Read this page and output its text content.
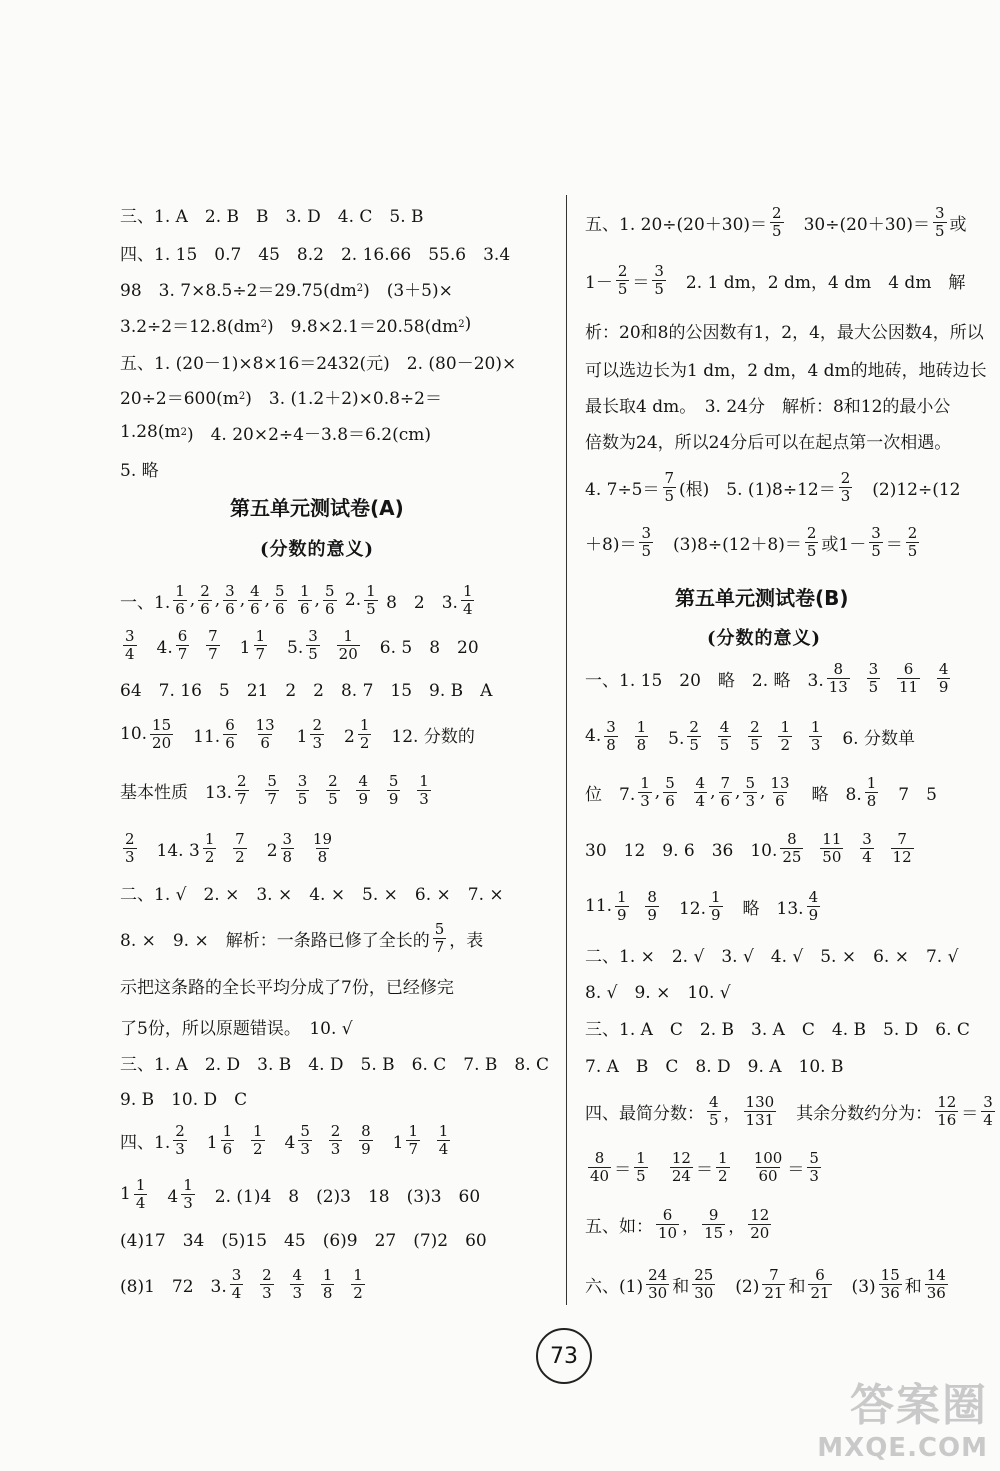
三、1. A　2. B　B　3. D　4. C　5. B
四、1. 15　0.7　45　8.2　2. 16.66　55.6　3.4
98　3. 7×8.5÷2＝29.75(dm 2 )　(3＋5)×
3.2÷2＝12.8(dm 2 )　9.8×2.1＝20.58(dm 2 )
五、1. (20－1)×8×16＝2432(元)　2. (80－20)×
20÷2＝600(m 2 )　3. (1.2＋2)×0.8÷2＝
1.28(m 2 )　4. 20×2÷4－3.8＝6.2(cm)
5. 略
第五单元测试卷(A)
(分数的意义)
一、1. $\frac{1}{6}$ , $\frac{2}{6}$ , $\frac{3}{6}$ , $\frac{4}{6}$ , $\frac{5}{6}$
$\frac{1}{6}$ , $\frac{5}{6} 2$. $\frac{1}{5} 8$　2　3. $\frac{1}{4}$
$\frac{3}{4}$ 　4. $\frac{6}{7}$
$\frac{7}{7}$ 　$1 \frac{1}{7}$ 　5. $\frac{3}{5}$
$\frac{1}{20}$ 　6. 5　8　20
64　7. 16　5　21　2　2　8. 7　15　9. B　A
10. $\frac{15}{20}$ 　11. $\frac{6}{6}$
$\frac{13}{6}$ 　$1 \frac{2}{3}$ 　$2 \frac{1}{2}$ 　12. 分数的
基本性质　13. $\frac{2}{7}$
$\frac{5}{7}$
$\frac{3}{5}$
$\frac{2}{5}$
$\frac{4}{9}$
$\frac{5}{9}$
$\frac{1}{3}$
$\frac{2}{3}$ 　14. $3 \frac{1}{2}$
$\frac{7}{2}$ 　$2 \frac{3}{8}$
$\frac{19}{8}$
二、1. √　2. ×　3. ×　4. ×　5. ×　6. ×　7. ×
8. ×　9. ×　解析：一条路已修了全长的 $\frac{5}{7}$ ，表
示把这条路的全长平均分成了7份，已经修完
了5份，所以原题错误。　10. √
三、1. A　2. D　3. B　4. D　5. B　6. C　7. B　8. C
9. B　10. D　C
四、1. $\frac{2}{3}$ 　$1 \frac{1}{6}$
$\frac{1}{2}$ 　$4 \frac{5}{3}$
$\frac{2}{3}$
$\frac{8}{9}$ 　$1 \frac{1}{7}$
$\frac{1}{4}$
$1 \frac{1}{4}$ 　$4 \frac{1}{3}$ 　2. (1)4　8　(2)3　18　(3)3　60
(4)17　34　(5)15　45　(6)9　27　(7)2　60
(8)1　72　3. $\frac{3}{4}$
$\frac{2}{3}$
$\frac{4}{3}$
$\frac{1}{8}$
$\frac{1}{2}$
五、1. $20\div(20+30)= \frac{2}{5}$ 　$30\div(20+30)= \frac{3}{5}$ 或
$1- \frac{2}{5} = \frac{3}{5}$ 　2. 1 dm，2 dm，4 dm　4 dm　解
析：20和8的公因数有1，2，4，最大公因数4，所以
可以选边长为1 dm，2 dm，4 dm的地砖，地砖边长
最长取4 dm。　3. 24分　解析：8和12的最小公
倍数为24，所以24分后可以在起点第一次相遇。
4. $7\div 5= \frac{7}{5}$ (根)　5. $(1)8\div 12= \frac{2}{3}$ 　(2)12÷(12
$+8)= \frac{3}{5}$ 　$(3)8\div(12+8)= \frac{2}{5}$ 或$1- \frac{3}{5} = \frac{2}{5}$
第五单元测试卷(B)
(分数的意义)
一、1. 15　20　略　2. 略　3. $\frac{8}{13}$
$\frac{3}{5}$
$\frac{6}{11}$
$\frac{4}{9}$
4. $\frac{3}{8}$
$\frac{1}{8}$ 　5. $\frac{2}{5}$
$\frac{4}{5}$
$\frac{2}{5}$
$\frac{1}{2}$
$\frac{1}{3}$ 　6. 分数单
位　7. $\frac{1}{3}$ , $\frac{5}{6}$
$\frac{4}{4}$ , $\frac{7}{6}$ , $\frac{5}{3}$ , $\frac{13}{6}$ 　略　8. $\frac{1}{8}$ 　7　5
30　12　9. 6　36　10. $\frac{8}{25}$
$\frac{11}{50}$
$\frac{3}{4}$
$\frac{7}{12}$
11. $\frac{1}{9}$
$\frac{8}{9}$ 　12. $\frac{1}{9}$ 　略　13. $\frac{4}{9}$
二、1. ×　2. √　3. √　4. √　5. ×　6. ×　7. √
8. √　9. ×　10. √
三、1. A　C　2. B　3. A　C　4. B　5. D　6. C
7. A　B　C　8. D　9. A　10. B
四、最简分数： $\frac{4}{5}$ ， $\frac{130}{131}$ 　其余分数约分为： $\frac{12}{16} = \frac{3}{4}$
$\frac{8}{40} = \frac{1}{5}$
$\frac{12}{24} = \frac{1}{2}$
$\frac{100}{60} = \frac{5}{3}$
五、如： $\frac{6}{10}$ ， $\frac{9}{15}$ ， $\frac{12}{20}$
六、$(1) \frac{24}{30}$ 和 $\frac{25}{30}$ 　$(2) \frac{7}{21}$ 和 $\frac{6}{21}$ 　$(3) \frac{15}{36}$ 和 $\frac{14}{36}$
73
答案圈
MXQE.COM
